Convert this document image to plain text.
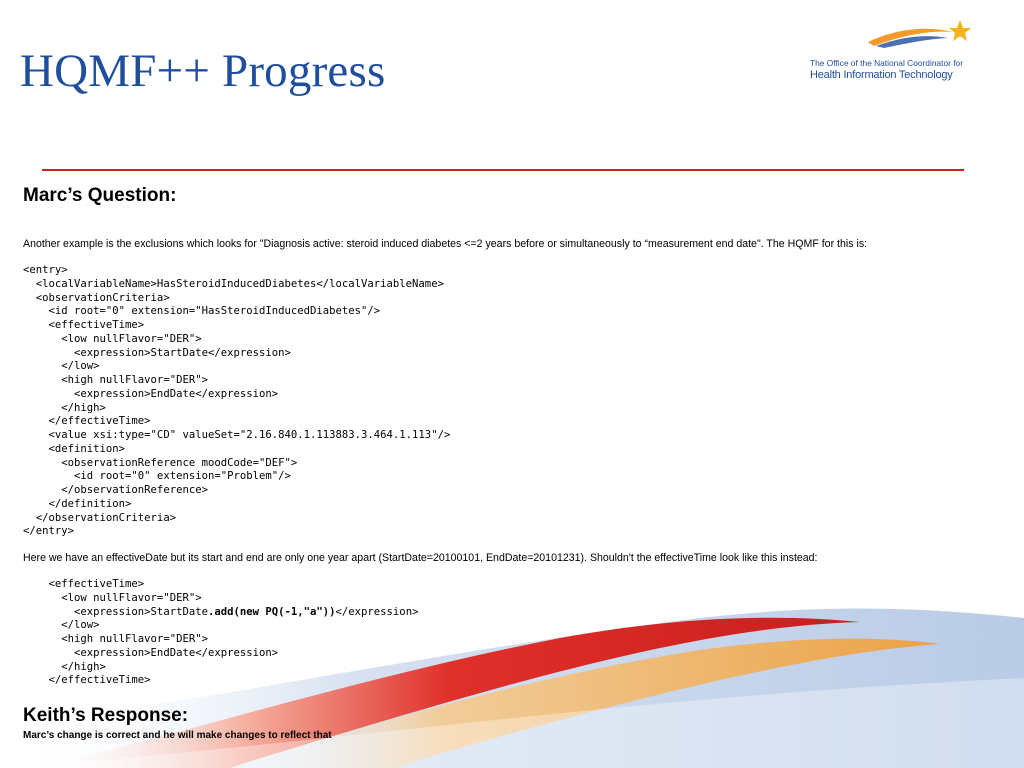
HQMF++ Progress	The Office of the National Coordinator for
Health Information Technology
Marc’s Question:
Another example is the exclusions which looks for "Diagnosis active: steroid induced diabetes <=2 years before or simultaneously to “measurement end date". The HQMF for this is:
<entry>
<localVariableName>HasSteroidInducedDiabetes</localVariableName>
<observationCriteria>
<id root="0" extension="HasSteroidInducedDiabetes"/>
<effectiveTime>
<low nullFlavor="DER">
<expression>StartDate</expression>
</low>
<high nullFlavor="DER">
<expression>EndDate</expression>
</high>
</effectiveTime>
<value xsi:type="CD" valueSet="2.16.840.1.113883.3.464.1.113"/>
<definition>
<observationReference moodCode="DEF">
<id root="0" extension="Problem"/>
</observationReference>
</definition>
</observationCriteria>
</entry>
Here we have an effectiveDate but its start and end are only one year apart (StartDate=20100101, EndDate=20101231). Shouldn't the effectiveTime look like this instead:
<effectiveTime>
<low nullFlavor="DER">
<expression>StartDate.add(new PQ(-1,"a"))</expression>
</low>
<high nullFlavor="DER">
<expression>EndDate</expression>
</high>
</effectiveTime>
Keith’s Response:
Marc’s change is correct and he will make changes to reflect that
